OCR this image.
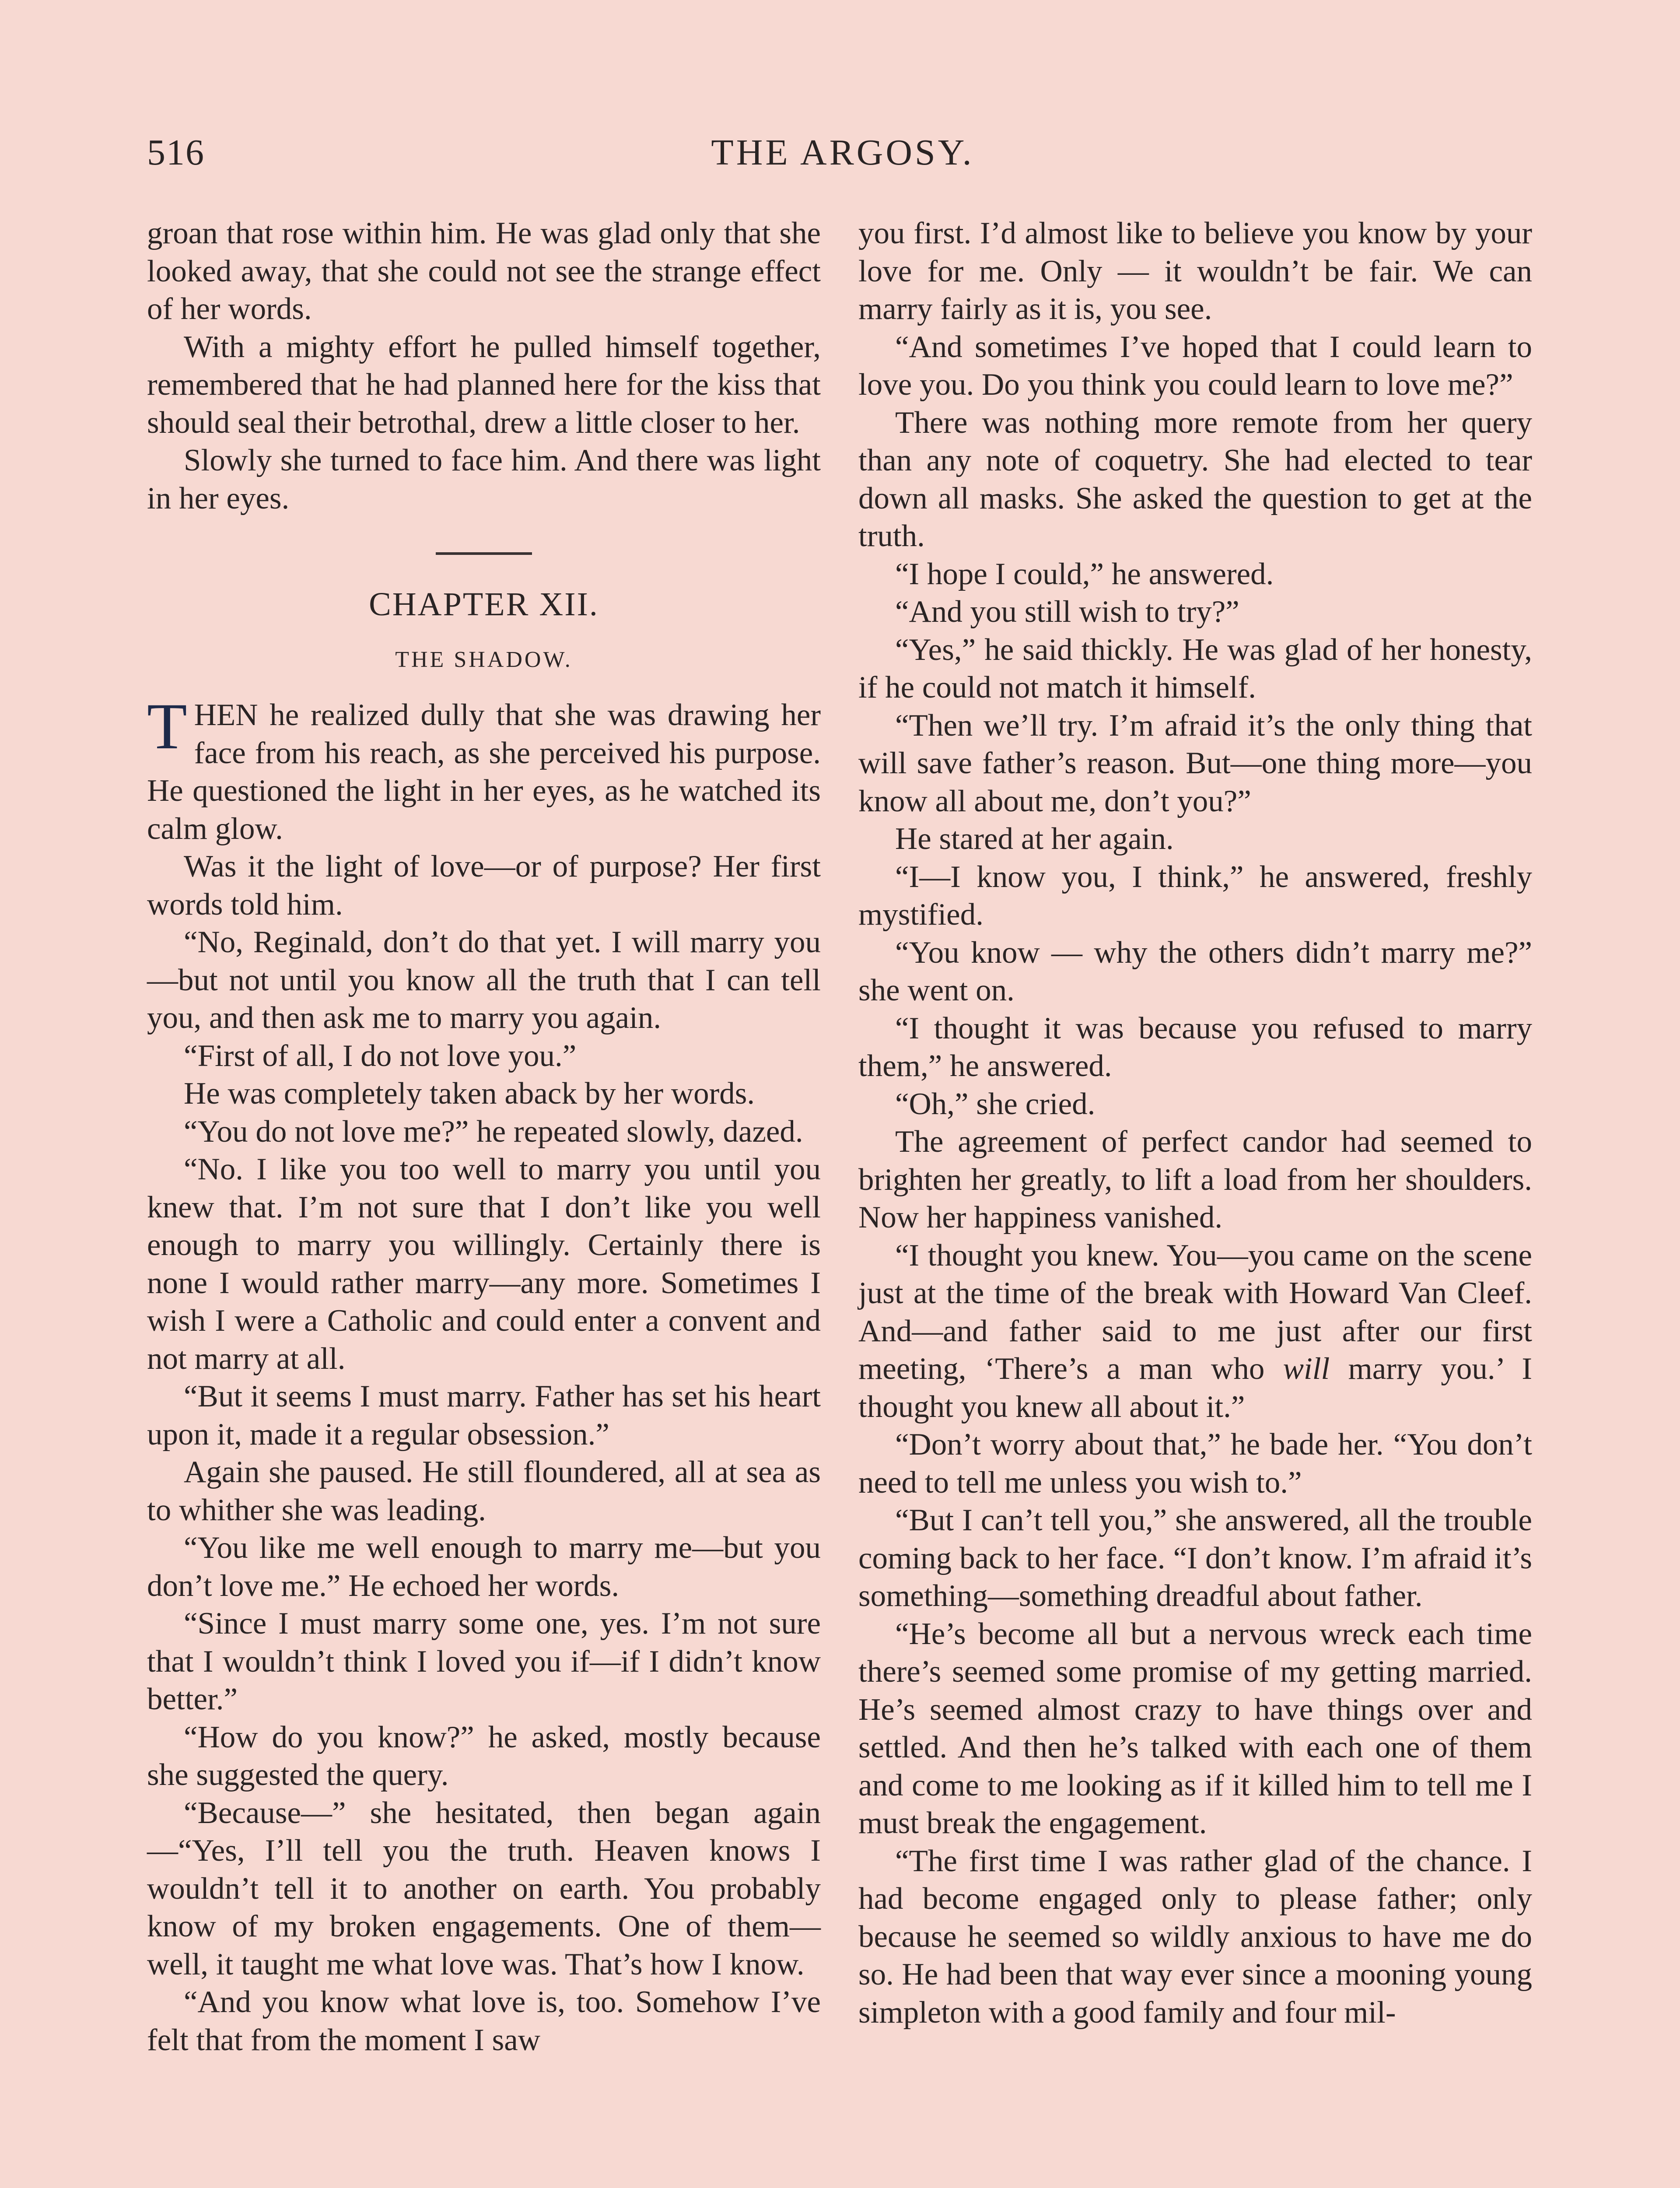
516	THE ARGOSY.

groan that rose within him. He was glad only that she looked away, that she could not see the strange effect of her words.

With a mighty effort he pulled himself together, remembered that he had planned here for the kiss that should seal their betrothal, drew a little closer to her.

Slowly she turned to face him. And there was light in her eyes.

CHAPTER XII.
THE SHADOW.

THEN he realized dully that she was drawing her face from his reach, as she perceived his purpose. He questioned the light in her eyes, as he watched its calm glow.

Was it the light of love—or of purpose? Her first words told him.

“No, Reginald, don’t do that yet. I will marry you—but not until you know all the truth that I can tell you, and then ask me to marry you again.

“First of all, I do not love you.”

He was completely taken aback by her words.

“You do not love me?” he repeated slowly, dazed.

“No. I like you too well to marry you until you knew that. I’m not sure that I don’t like you well enough to marry you willingly. Certainly there is none I would rather marry—any more. Sometimes I wish I were a Catholic and could enter a convent and not marry at all.

“But it seems I must marry. Father has set his heart upon it, made it a regular obsession.”

Again she paused. He still floundered, all at sea as to whither she was leading.

“You like me well enough to marry me—but you don’t love me.” He echoed her words.

“Since I must marry some one, yes. I’m not sure that I wouldn’t think I loved you if—if I didn’t know better.”

“How do you know?” he asked, mostly because she suggested the query.

“Because—” she hesitated, then began again—“Yes, I’ll tell you the truth. Heaven knows I wouldn’t tell it to another on earth. You probably know of my broken engagements. One of them—well, it taught me what love was. That’s how I know.

“And you know what love is, too. Somehow I’ve felt that from the moment I saw

you first. I’d almost like to believe you know by your love for me. Only — it wouldn’t be fair. We can marry fairly as it is, you see.

“And sometimes I’ve hoped that I could learn to love you. Do you think you could learn to love me?”

There was nothing more remote from her query than any note of coquetry. She had elected to tear down all masks. She asked the question to get at the truth.

“I hope I could,” he answered.

“And you still wish to try?”

“Yes,” he said thickly. He was glad of her honesty, if he could not match it himself.

“Then we’ll try. I’m afraid it’s the only thing that will save father’s reason. But—one thing more—you know all about me, don’t you?”

He stared at her again.

“I—I know you, I think,” he answered, freshly mystified.

“You know — why the others didn’t marry me?” she went on.

“I thought it was because you refused to marry them,” he answered.

“Oh,” she cried.

The agreement of perfect candor had seemed to brighten her greatly, to lift a load from her shoulders. Now her happiness vanished.

“I thought you knew. You—you came on the scene just at the time of the break with Howard Van Cleef. And—and father said to me just after our first meeting, ‘There’s a man who will marry you.’ I thought you knew all about it.”

“Don’t worry about that,” he bade her. “You don’t need to tell me unless you wish to.”

“But I can’t tell you,” she answered, all the trouble coming back to her face. “I don’t know. I’m afraid it’s something—something dreadful about father.

“He’s become all but a nervous wreck each time there’s seemed some promise of my getting married. He’s seemed almost crazy to have things over and settled. And then he’s talked with each one of them and come to me looking as if it killed him to tell me I must break the engagement.

“The first time I was rather glad of the chance. I had become engaged only to please father; only because he seemed so wildly anxious to have me do so. He had been that way ever since a mooning young simpleton with a good family and four mil-
